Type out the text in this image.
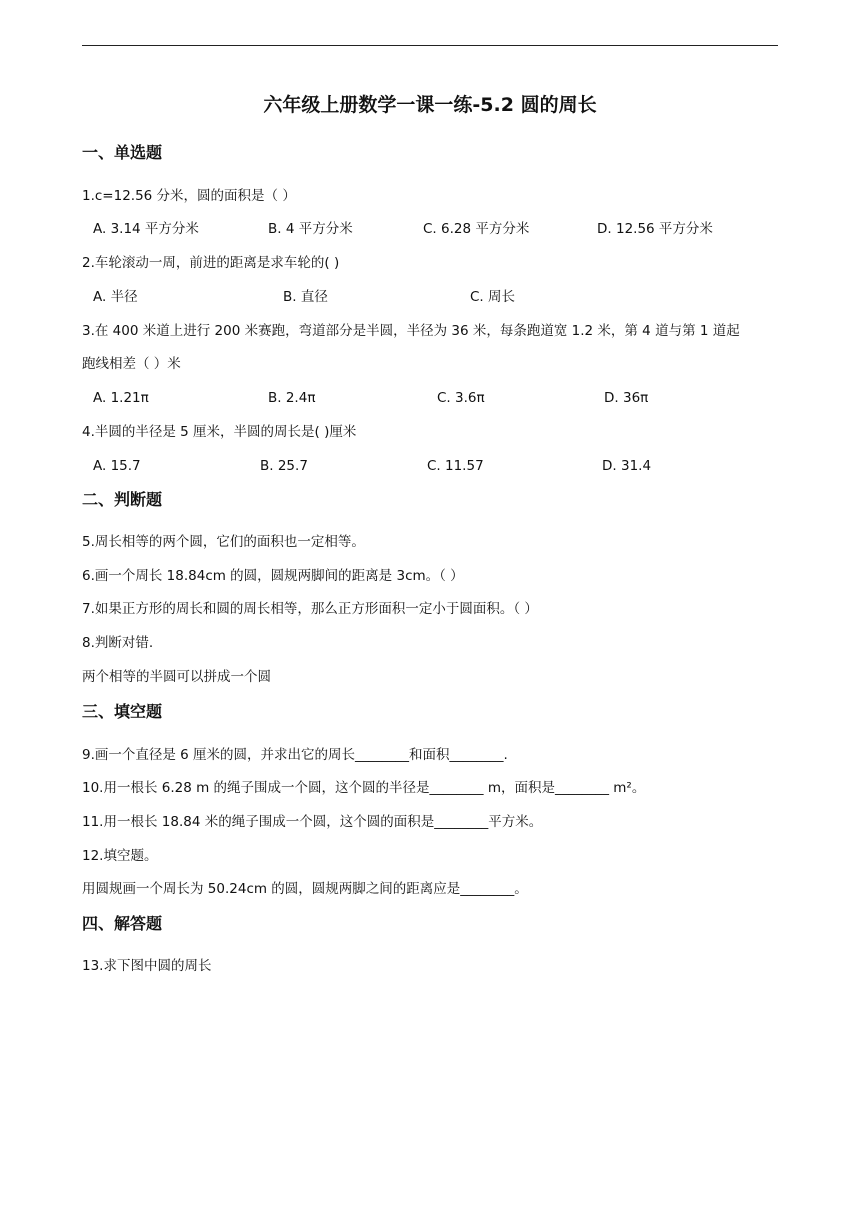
六年级上册数学一课一练-5.2 圆的周长
一、单选题
1.c=12.56 分米，圆的面积是（ ）
A. 3.14 平方分米	B. 4 平方分米	C. 6.28 平方分米	D. 12.56 平方分米
2.车轮滚动一周，前进的距离是求车轮的( )
A. 半径	B. 直径	C. 周长
3.在 400 米道上进行 200 米赛跑，弯道部分是半圆，半径为 36 米，每条跑道宽 1.2 米，第 4 道与第 1 道起
跑线相差（ ）米
A. 1.21π	B. 2.4π	C. 3.6π	D. 36π
4.半圆的半径是 5 厘米，半圆的周长是( )厘米
A. 15.7	B. 25.7	C. 11.57	D. 31.4
二、判断题
5.周长相等的两个圆，它们的面积也一定相等。
6.画一个周长 18.84cm 的圆，圆规两脚间的距离是 3cm。（ ）
7.如果正方形的周长和圆的周长相等，那么正方形面积一定小于圆面积。（ ）
8.判断对错.
两个相等的半圆可以拼成一个圆
三、填空题
9.画一个直径是 6 厘米的圆，并求出它的周长________和面积________.
10.用一根长 6.28 m 的绳子围成一个圆，这个圆的半径是________ m，面积是________ m²。
11.用一根长 18.84 米的绳子围成一个圆，这个圆的面积是________平方米。
12.填空题。
用圆规画一个周长为 50.24cm 的圆，圆规两脚之间的距离应是________。
四、解答题
13.求下图中圆的周长
